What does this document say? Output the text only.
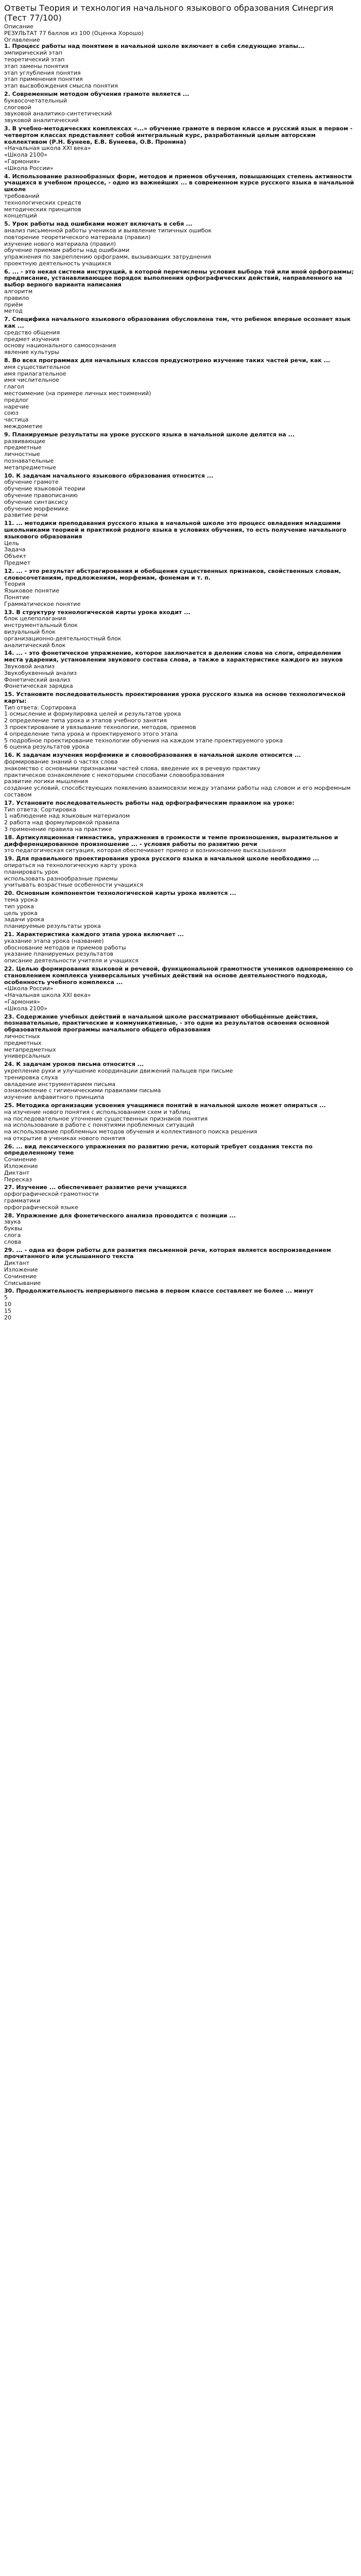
Ответы Теория и технология начального языкового образования Синергия (Тест 77/100)
Описание
РЕЗУЛЬТАТ 77 баллов из 100 (Оценка Хорошо)
Оглавление
1. Процесс работы над понятием в начальной школе включает в себя следующие этапы...
эмпирический этап
теоретический этап
этап замены понятия
этап углубления понятия
этап применения понятия
этап высвобождения смысла понятия
2. Современным методом обучения грамоте является ...
буквосочетательный
слоговой
звуковой аналитико-синтетический
звуковой аналитический
3. В учебно-методических комплексах «...» обучение грамоте в первом классе и русский язык в первом - четвертом классах представляет собой интегральный курс, разработанный целым авторским коллективом (Р.Н. Бунеев, Е.В. Бунеева, О.В. Пронина)
«Начальная школа XXI века»
«Школа 2100»
«Гармония»
«Школа России»
4. Использование разнообразных форм, методов и приемов обучения, повышающих степень активности учащихся в учебном процессе, - одно из важнейших ... в современном курсе русского языка в начальной школе
требований
технологических средств
методических принципов
концепций
5. Урок работы над ошибками может включать в себя ...
анализ письменной работы учеников и выявление типичных ошибок
повторение теоретического материала (правил)
изучение нового материала (правил)
обучение приемам работы над ошибками
упражнения по закреплению орфограмм, вызывающих затруднения
проектную деятельность учащихся
6. ... - это некая система инструкций, в которой перечислены условия выбора той или иной орфограммы; предписание, устанавливающее порядок выполнения орфографических действий, направленного на выбор верного варианта написания
алгоритм
правило
приём
метод
7. Специфика начального языкового образования обусловлена тем, что ребенок впервые осознает язык как ...
средство общения
предмет изучения
основу национального самосознания
явление культуры
8. Во всех программах для начальных классов предусмотрено изучение таких частей речи, как ...
имя существительное
имя прилагательное
имя числительное
глагол
местоимение (на примере личных местоимений)
предлог
наречие
союз
частица
междометие
9. Планируемые результаты на уроке русского языка в начальной школе делятся на ...
развивающие
предметные
личностные
познавательные
метапредметные
10. К задачам начального языкового образования относится ...
обучение грамоте
обучение языковой теории
обучение правописанию
обучение синтаксису
обучение морфемике
развитие речи
11. ... методики преподавания русского языка в начальной школе это процесс овладения младшими школьниками теорией и практикой родного языка в условиях обучения, то есть получение начального языкового образования
Цель
Задача
Объект
Предмет
12. ... - это результат абстрагирования и обобщения существенных признаков, свойственных словам, словосочетаниям, предложениям, морфемам, фонемам и т. п.
Теория
Языковое понятие
Понятие
Грамматическое понятие
13. В структуру технологической карты урока входит ...
блок целеполагания
инструментальный блок
визуальный блок
организационно-деятельностный блок
аналитический блок
14. ... - это фонетическое упражнение, которое заключается в делении слова на слоги, определении места ударения, установлении звукового состава слова, а также в характеристике каждого из звуков
Звуковой анализ
Звукобуквенный анализ
Фонетический анализ
Фонетическая зарядка
15. Установите последовательность проектирования урока русского языка на основе технологической карты:
Тип ответа: Сортировка
1 осмысление и формулировка целей и результатов урока
2 определение типа урока и этапов учебного занятия
3 проектирование и увязывание технологии, методов, приемов
4 определение типа урока и проектируемого этого этапа
5 подробное проектирование технологии обучения на каждом этапе проектируемого урока
6 оценка результатов урока
16. К задачам изучения морфемики и словообразования в начальной школе относится ...
формирование знаний о частях слова
знакомство с основными признаками частей слова, введение их в речевую практику
практическое ознакомление с некоторыми способами словообразования
развитие логики мышления
создание условий, способствующих появлению взаимосвязи между этапами работы над словом и его морфемным составом
17. Установите последовательность работы над орфографическим правилом на уроке:
Тип ответа: Сортировка
1 наблюдение над языковым материалом
2 работа над формулировкой правила
3 применение правила на практике
18. Артикуляционная гимнастика, упражнения в громкости и темпе произношения, выразительное и дифференцированное произношение ... - условия работы по развитию речи
это педагогическая ситуация, которая обеспечивает пример и возникновение высказывания
19. Для правильного проектирования урока русского языка в начальной школе необходимо ...
опираться на технологическую карту урока
планировать урок
использовать разнообразные приемы
учитывать возрастные особенности учащихся
20. Основным компонентом технологической карты урока является ...
тема урока
тип урока
цель урока
задачи урока
планируемые результаты урока
21. Характеристика каждого этапа урока включает ...
указание этапа урока (название)
обоснование методов и приемов работы
указание планируемых результатов
описание деятельности учителя и учащихся
22. Целью формирования языковой и речевой, функциональной грамотности учеников одновременно со становлением комплекса универсальных учебных действий на основе деятельностного подхода, особенность учебного комплекса ...
«Школа России»
«Начальная школа XXI века»
«Гармония»
«Школа 2100»
23. Содержание учебных действий в начальной школе рассматривают обобщённые действия, познавательные, практические и коммуникативные, - это одни из результатов освоения основной образовательной программы начального общего образования
личностных
предметных
метапредметных
универсальных
24. К задачам уроков письма относится ...
укрепление руки и улучшение координации движений пальцев при письме
тренировка слуха
овладение инструментарием письма
ознакомление с гигиеническими правилами письма
изучение алфавитного принципа
25. Методика организации усвоения учащимися понятий в начальной школе может опираться ...
на изучение нового понятия с использованием схем и таблиц
на последовательное уточнение существенных признаков понятия
на использование в работе с понятиями проблемных ситуаций
на использование проблемных методов обучения и коллективного поиска решения
на открытие в учениках нового понятия
26. ... вид лексического упражнения по развитию речи, который требует создания текста по определенному теме
Сочинение
Изложение
Диктант
Пересказ
27. Изучение ... обеспечивает развитие речи учащихся
орфографической грамотности
грамматики
орфографической языке
28. Упражнение для фонетического анализа проводится с позиции ...
звука
буквы
слога
слова
29. ... - одна из форм работы для развития письменной речи, которая является воспроизведением прочитанного или услышанного текста
Диктант
Изложение
Сочинение
Списывание
30. Продолжительность непрерывного письма в первом классе составляет не более ... минут
5
10
15
20
